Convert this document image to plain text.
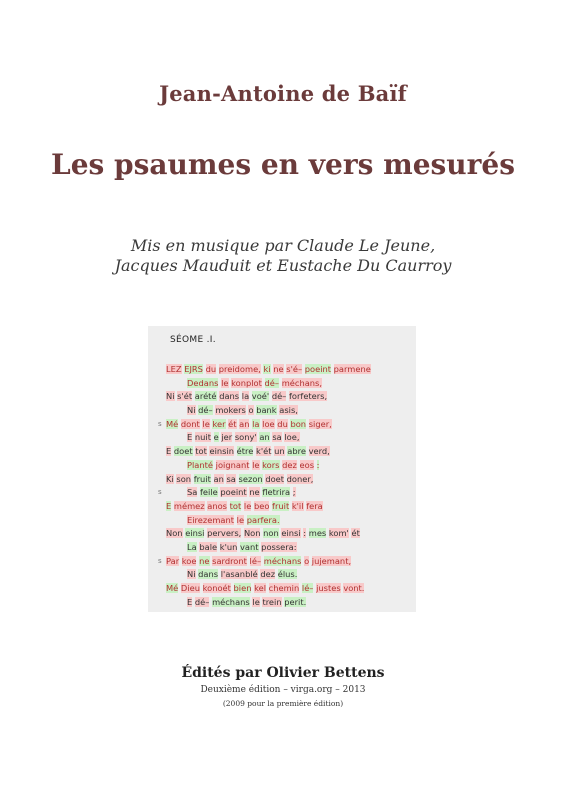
Jean-Antoine de Baïf
Les psaumes en vers mesurés
Mis en musique par Claude Le Jeune,
Jacques Mauduit et Eustache Du Caurroy
SÉOME .I.
LEZ EJRS du preidome, ki ne s'é– poeint parmene
Dedans le konplot dé– méchans,
Ni s'ét arété dans la voé' dé– forfeters,
Ni dé– mokers o bank asis,
s Mé dont le ker ét an la loe du bon siger,
E nuit e jer sony' an sa loe,
E doet tot einsin étre k'ét un abre verd,
Planté joignant le kors dez eos :
Ki son fruit an sa sezon doet doner,
s	Sa feile poeint ne fletrira ;
E mémez anos tot le beo fruit k'il fera
Eirezemant le parfera.
Non einsi pervers, Non non einsi : mes kom' ét
La bale k'un vant possera:
s Par koe ne sardront lé– méchans o jujemant,
Ni dans l'asanblé dez élus.
Mé Dieu konoét bien kel chemin lé– justes vont.
E dé– méchans le trein perit.
Édités par Olivier Bettens
Deuxième édition – virga.org – 2013
(2009 pour la première édition)
